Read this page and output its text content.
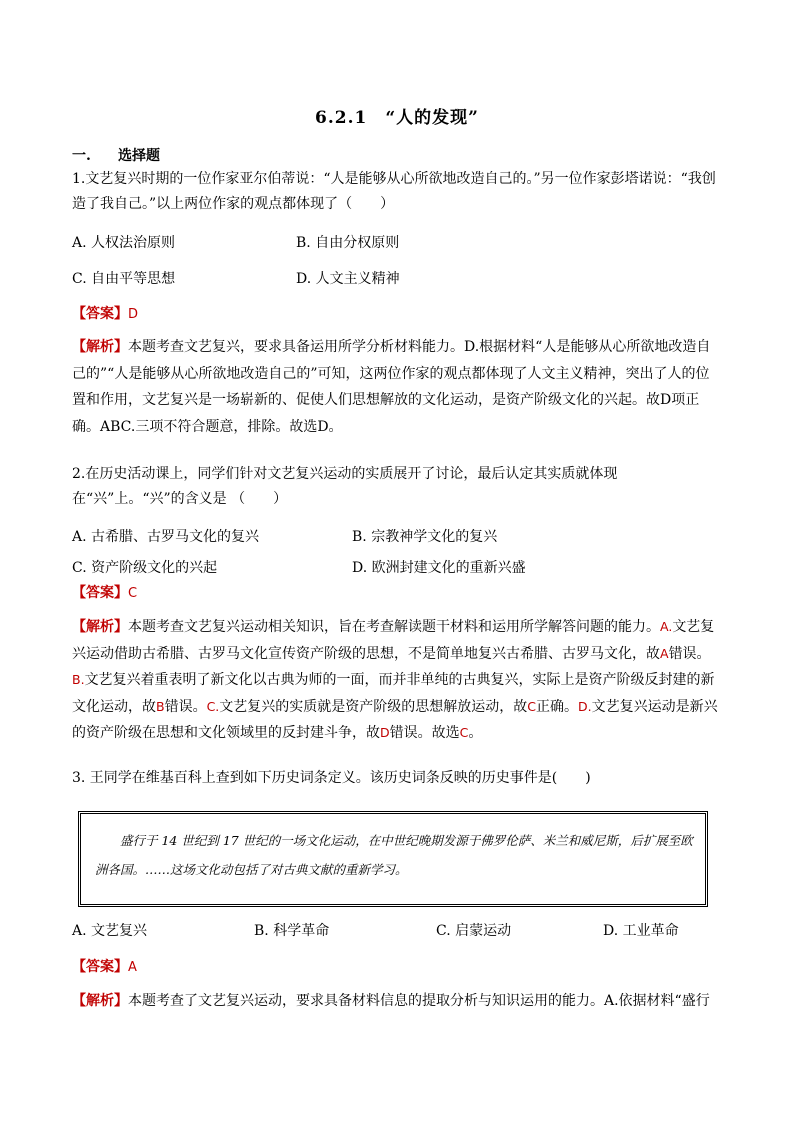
6.2.1　“人的发现”
一. 选择题
1.文艺复兴时期的一位作家亚尔伯蒂说：“人是能够从心所欲地改造自己的。”另一位作家彭塔诺说：“我创造了我自己。”以上两位作家的观点都体现了（　　）
A. 人权法治原则	B. 自由分权原则
C. 自由平等思想	D. 人文主义精神
【答案】D
【解析】本题考查文艺复兴，要求具备运用所学分析材料能力。D.根据材料“人是能够从心所欲地改造自己的”“人是能够从心所欲地改造自己的”可知，这两位作家的观点都体现了人文主义精神，突出了人的位置和作用，文艺复兴是一场崭新的、促使人们思想解放的文化运动，是资产阶级文化的兴起。故D项正确。ABC.三项不符合题意，排除。故选D。
2.在历史活动课上，同学们针对文艺复兴运动的实质展开了讨论，最后认定其实质就体现在“兴”上。“兴”的含义是 （　　）
A. 古希腊、古罗马文化的复兴	B. 宗教神学文化的复兴
C. 资产阶级文化的兴起	D. 欧洲封建文化的重新兴盛
【答案】C
【解析】本题考查文艺复兴运动相关知识，旨在考查解读题干材料和运用所学解答问题的能力。A.文艺复兴运动借助古希腊、古罗马文化宣传资产阶级的思想，不是简单地复兴古希腊、古罗马文化，故A错误。B.文艺复兴着重表明了新文化以古典为师的一面，而并非单纯的古典复兴，实际上是资产阶级反封建的新文化运动，故B错误。C.文艺复兴的实质就是资产阶级的思想解放运动，故C正确。D.文艺复兴运动是新兴的资产阶级在思想和文化领域里的反封建斗争，故D错误。故选C。
3. 王同学在维基百科上查到如下历史词条定义。该历史词条反映的历史事件是(　　)
盛行于 14 世纪到 17 世纪的一场文化运动，在中世纪晚期发源于佛罗伦萨、米兰和威尼斯，后扩展至欧洲各国。……这场文化动包括了对古典文献的重新学习。
A. 文艺复兴	B. 科学革命	C. 启蒙运动	D. 工业革命
【答案】A
【解析】本题考查了文艺复兴运动，要求具备材料信息的提取分析与知识运用的能力。A.依据材料“盛行
